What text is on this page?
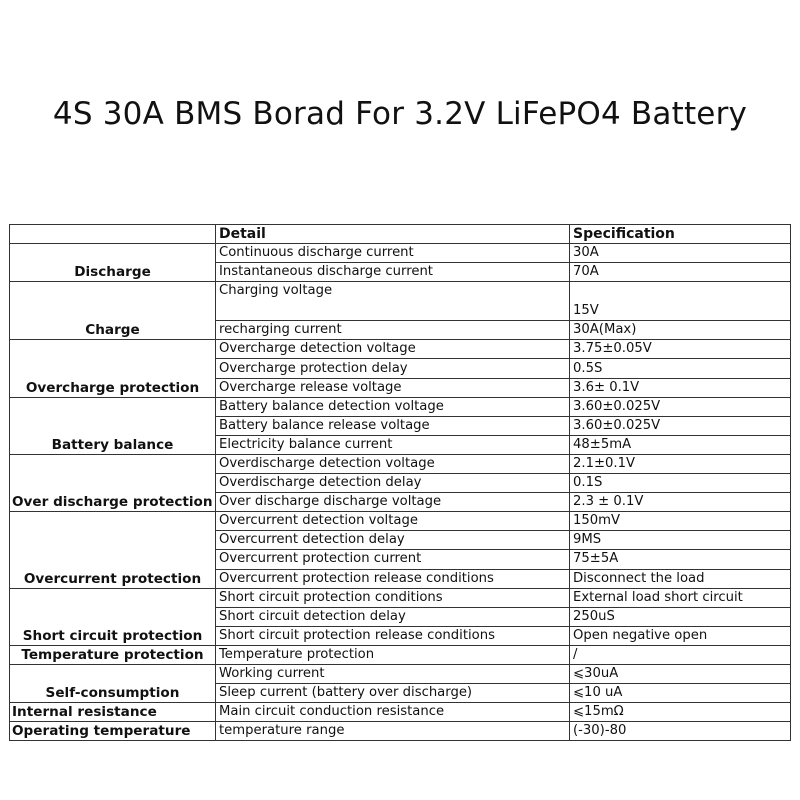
4S 30A BMS Borad For 3.2V LiFePO4 Battery
	Detail	Specification
Discharge	Continuous discharge current	30A
	Instantaneous discharge current	70A
Charge	Charging voltage	15V
	recharging current	30A(Max)
Overcharge protection	Overcharge detection voltage	3.75±0.05V
	Overcharge protection delay	0.5S
	Overcharge release voltage	3.6± 0.1V
Battery balance	Battery balance detection voltage	3.60±0.025V
	Battery balance release voltage	3.60±0.025V
	Electricity balance current	48±5mA
Over discharge protection	Overdischarge detection voltage	2.1±0.1V
	Overdischarge detection delay	0.1S
	Over discharge discharge voltage	2.3 ± 0.1V
Overcurrent protection	Overcurrent detection voltage	150mV
	Overcurrent detection delay	9MS
	Overcurrent protection current	75±5A
	Overcurrent protection release conditions	Disconnect the load
Short circuit protection	Short circuit protection conditions	External load short circuit
	Short circuit detection delay	250uS
	Short circuit protection release conditions	Open negative open
Temperature protection	Temperature protection	/
Self-consumption	Working current	⩽30uA
	Sleep current (battery over discharge)	⩽10 uA
Internal resistance	Main circuit conduction resistance	⩽15mΩ
Operating temperature	temperature range	(-30)-80
